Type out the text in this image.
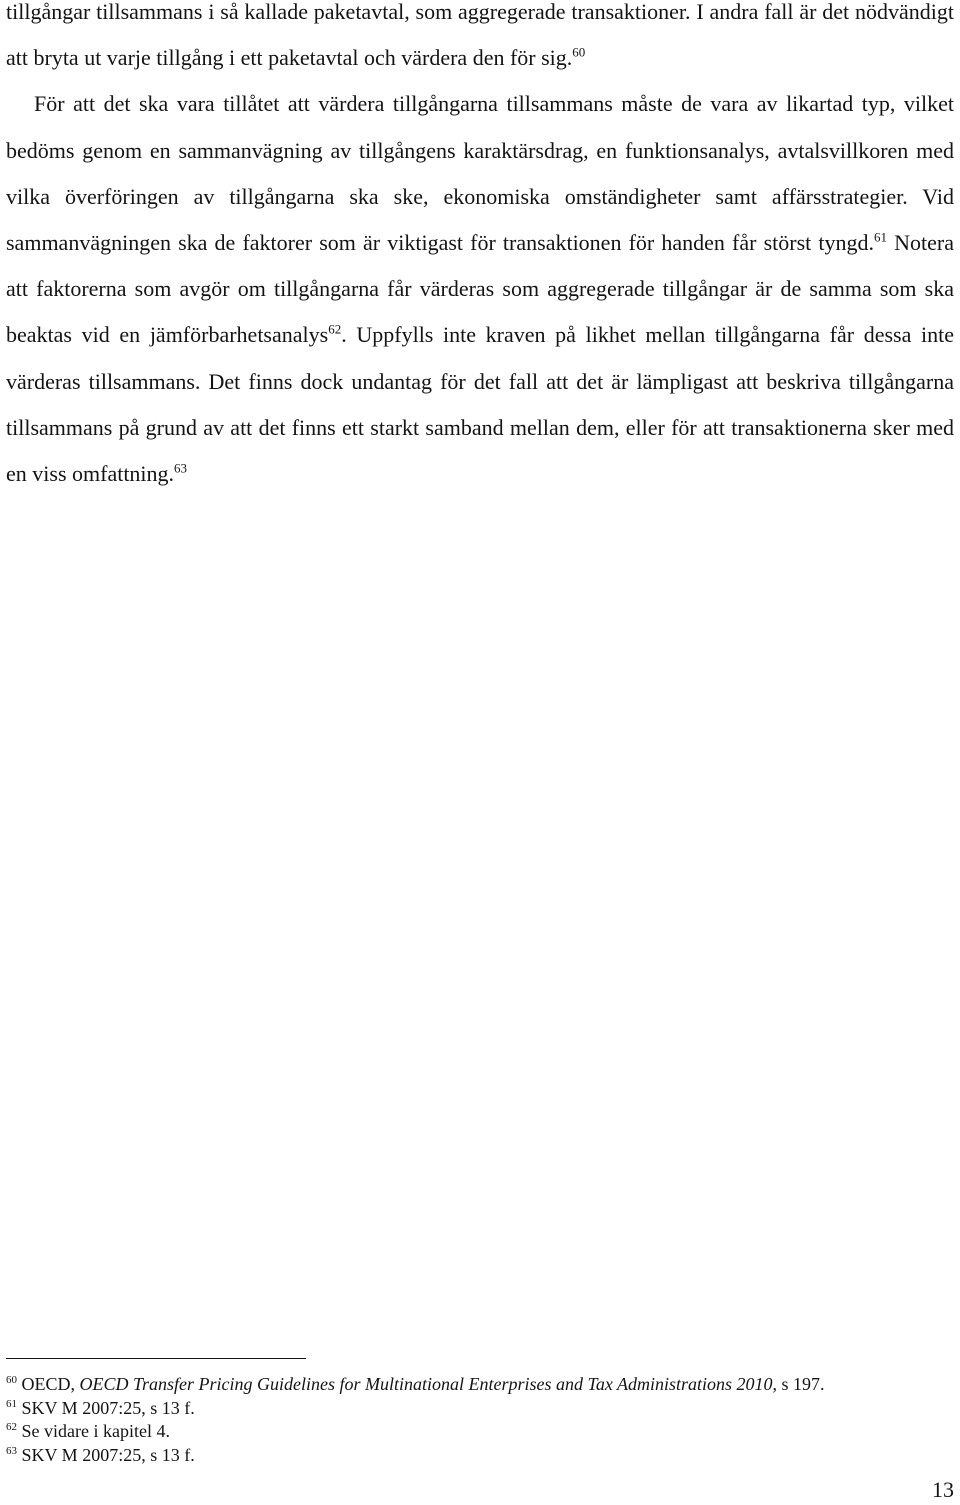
tillgångar tillsammans i så kallade paketavtal, som aggregerade transaktioner. I andra fall är det nödvändigt att bryta ut varje tillgång i ett paketavtal och värdera den för sig.$^{60}$

För att det ska vara tillåtet att värdera tillgångarna tillsammans måste de vara av likartad typ, vilket bedöms genom en sammanvägning av tillgångens karaktärsdrag, en funktionsanalys, avtalsvillkoren med vilka överföringen av tillgångarna ska ske, ekonomiska omständigheter samt affärsstrategier. Vid sammanvägningen ska de faktorer som är viktigast för transaktionen för handen får störst tyngd.$^{61}$ Notera att faktorerna som avgör om tillgångarna får värderas som aggregerade tillgångar är de samma som ska beaktas vid en jämförbarhetsanalys$^{62}$. Uppfylls inte kraven på likhet mellan tillgångarna får dessa inte värderas tillsammans. Det finns dock undantag för det fall att det är lämpligast att beskriva tillgångarna tillsammans på grund av att det finns ett starkt samband mellan dem, eller för att transaktionerna sker med en viss omfattning.$^{63}$

$^{60}$ OECD, OECD Transfer Pricing Guidelines for Multinational Enterprises and Tax Administrations 2010, s 197.
$^{61}$ SKV M 2007:25, s 13 f.
$^{62}$ Se vidare i kapitel 4.
$^{63}$ SKV M 2007:25, s 13 f.
13
